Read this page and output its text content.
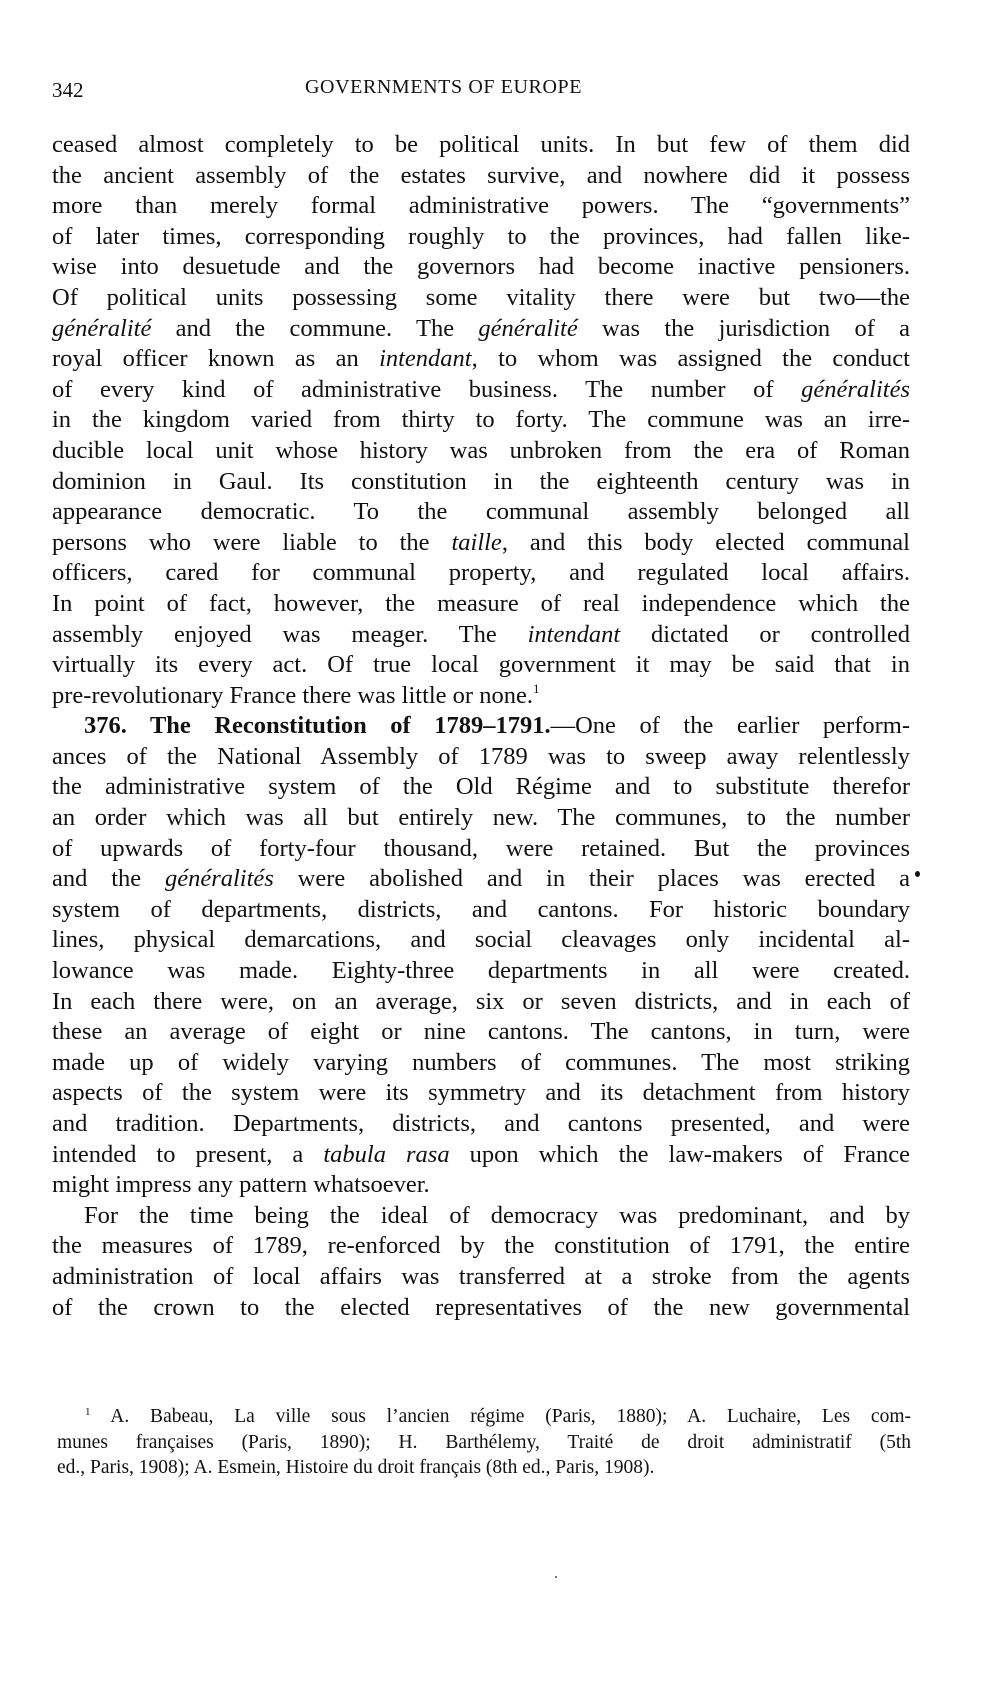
342	GOVERNMENTS OF EUROPE
ceased almost completely to be political units. In but few of them did
the ancient assembly of the estates survive, and nowhere did it possess
more than merely formal administrative powers. The “governments”
of later times, corresponding roughly to the provinces, had fallen like-
wise into desuetude and the governors had become inactive pensioners.
Of political units possessing some vitality there were but two—the
généralité and the commune. The généralité was the jurisdiction of a
royal officer known as an intendant, to whom was assigned the conduct
of every kind of administrative business. The number of généralités
in the kingdom varied from thirty to forty. The commune was an irre-
ducible local unit whose history was unbroken from the era of Roman
dominion in Gaul. Its constitution in the eighteenth century was in
appearance democratic. To the communal assembly belonged all
persons who were liable to the taille, and this body elected communal
officers, cared for communal property, and regulated local affairs.
In point of fact, however, the measure of real independence which the
assembly enjoyed was meager. The intendant dictated or controlled
virtually its every act. Of true local government it may be said that in
pre-revolutionary France there was little or none.$^1$
376. The Reconstitution of 1789–1791.—One of the earlier perform-
ances of the National Assembly of 1789 was to sweep away relentlessly
the administrative system of the Old Régime and to substitute therefor
an order which was all but entirely new. The communes, to the number
of upwards of forty-four thousand, were retained. But the provinces
and the généralités were abolished and in their places was erected a
system of departments, districts, and cantons. For historic boundary
lines, physical demarcations, and social cleavages only incidental al-
lowance was made. Eighty-three departments in all were created.
In each there were, on an average, six or seven districts, and in each of
these an average of eight or nine cantons. The cantons, in turn, were
made up of widely varying numbers of communes. The most striking
aspects of the system were its symmetry and its detachment from history
and tradition. Departments, districts, and cantons presented, and were
intended to present, a tabula rasa upon which the law-makers of France
might impress any pattern whatsoever.
For the time being the ideal of democracy was predominant, and by
the measures of 1789, re-enforced by the constitution of 1791, the entire
administration of local affairs was transferred at a stroke from the agents
of the crown to the elected representatives of the new governmental
$^1$ A. Babeau, La ville sous l’ancien régime (Paris, 1880); A. Luchaire, Les com-
munes françaises (Paris, 1890); H. Barthélemy, Traité de droit administratif (5th
ed., Paris, 1908); A. Esmein, Histoire du droit français (8th ed., Paris, 1908).
